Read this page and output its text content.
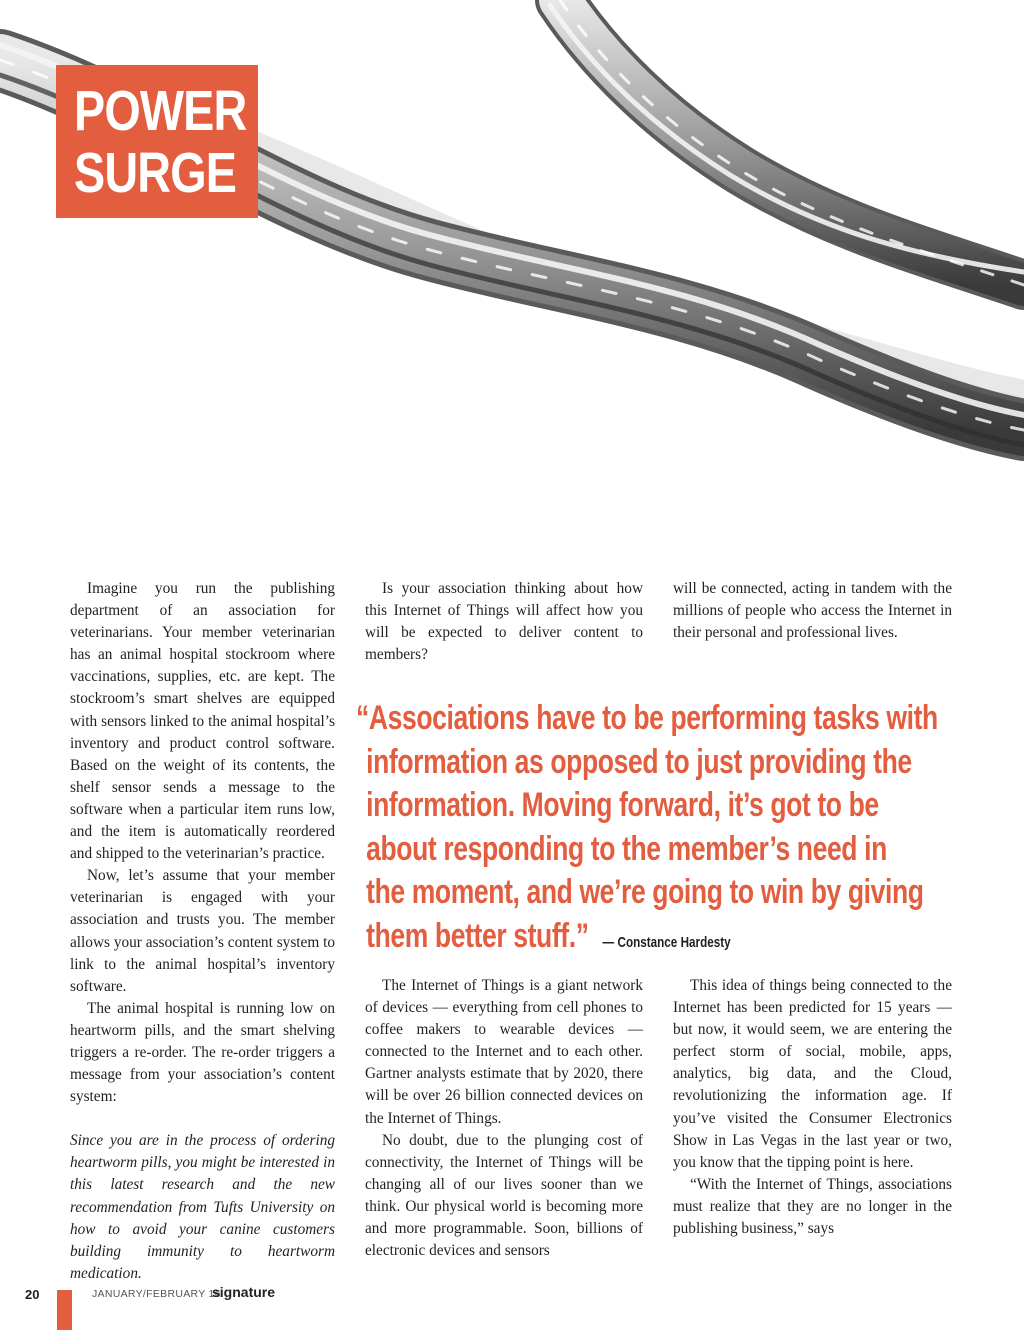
POWER
SURGE

Imagine you run the publishing department of an association for veterinarians. Your member veterinarian has an animal hospital stockroom where vaccinations, supplies, etc. are kept. The stockroom’s smart shelves are equipped with sensors linked to the animal hospital’s inventory and product control software. Based on the weight of its contents, the shelf sensor sends a message to the software when a particular item runs low, and the item is automatically reordered and shipped to the veterinarian’s practice.

Now, let’s assume that your member veterinarian is engaged with your association and trusts you. The member allows your association’s content system to link to the animal hospital’s inventory software.

The animal hospital is running low on heartworm pills, and the smart shelving triggers a re-order. The re-order triggers a message from your association’s content system:

Since you are in the process of ordering heartworm pills, you might be interested in this latest research and the new recommendation from Tufts University on how to avoid your canine customers building immunity to heartworm medication.

Is your association thinking about how this Internet of Things will affect how you will be expected to deliver content to members?

will be connected, acting in tandem with the millions of people who access the Internet in their personal and professional lives.

“Associations have to be performing tasks with
information as opposed to just providing the
information. Moving forward, it’s got to be
about responding to the member’s need in
the moment, and we’re going to win by giving
them better stuff.” — Constance Hardesty

The Internet of Things is a giant network of devices — everything from cell phones to coffee makers to wearable devices — connected to the Internet and to each other. Gartner analysts estimate that by 2020, there will be over 26 billion connected devices on the Internet of Things.

No doubt, due to the plunging cost of connectivity, the Internet of Things will be changing all of our lives sooner than we think. Our physical world is becoming more and more programmable. Soon, billions of electronic devices and sensors

This idea of things being connected to the Internet has been predicted for 15 years — but now, it would seem, we are entering the perfect storm of social, mobile, apps, analytics, big data, and the Cloud, revolutionizing the information age. If you’ve visited the Consumer Electronics Show in Las Vegas in the last year or two, you know that the tipping point is here.

“With the Internet of Things, associations must realize that they are no longer in the publishing business,” says

20	JANUARY/FEBRUARY 16
signature
